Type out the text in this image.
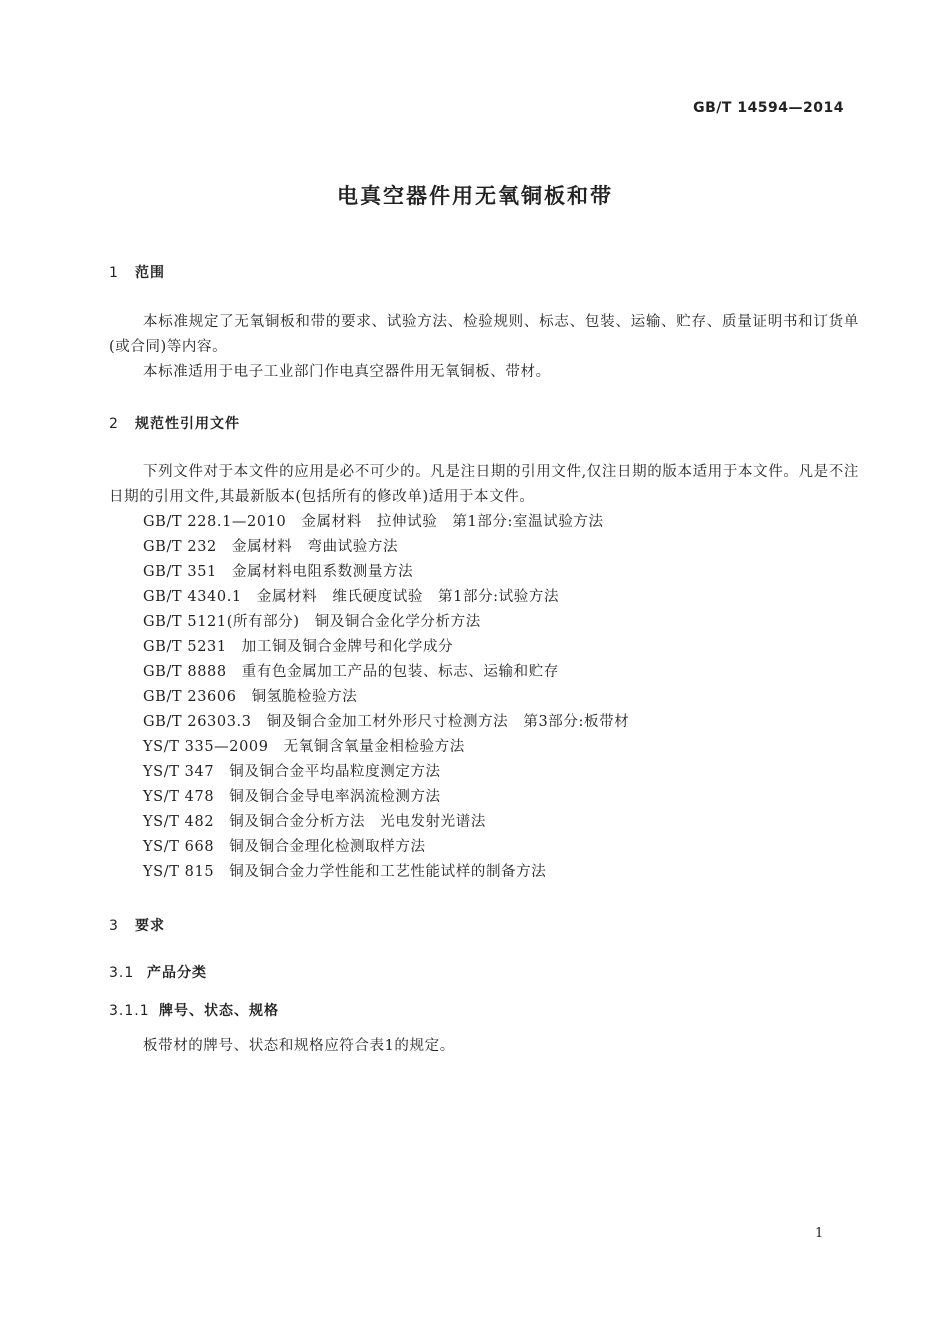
GB/T 14594—2014
电真空器件用无氧铜板和带
1 范围

本标准规定了无氧铜板和带的要求、试验方法、检验规则、标志、包装、运输、贮存、质量证明书和订货单(或合同)等内容。

本标准适用于电子工业部门作电真空器件用无氧铜板、带材。

2 规范性引用文件

下列文件对于本文件的应用是必不可少的。凡是注日期的引用文件,仅注日期的版本适用于本文件。凡是不注日期的引用文件,其最新版本(包括所有的修改单)适用于本文件。

GB/T 228.1—2010　金属材料　拉伸试验　第1部分:室温试验方法
GB/T 232　金属材料　弯曲试验方法
GB/T 351　金属材料电阻系数测量方法
GB/T 4340.1　金属材料　维氏硬度试验　第1部分:试验方法
GB/T 5121(所有部分)　铜及铜合金化学分析方法
GB/T 5231　加工铜及铜合金牌号和化学成分
GB/T 8888　重有色金属加工产品的包装、标志、运输和贮存
GB/T 23606　铜氢脆检验方法
GB/T 26303.3　铜及铜合金加工材外形尺寸检测方法　第3部分:板带材
YS/T 335—2009　无氧铜含氧量金相检验方法
YS/T 347　铜及铜合金平均晶粒度测定方法
YS/T 478　铜及铜合金导电率涡流检测方法
YS/T 482　铜及铜合金分析方法　光电发射光谱法
YS/T 668　铜及铜合金理化检测取样方法
YS/T 815　铜及铜合金力学性能和工艺性能试样的制备方法
3 要求
3.1 产品分类
3.1.1 牌号、状态、规格

板带材的牌号、状态和规格应符合表1的规定。

1
